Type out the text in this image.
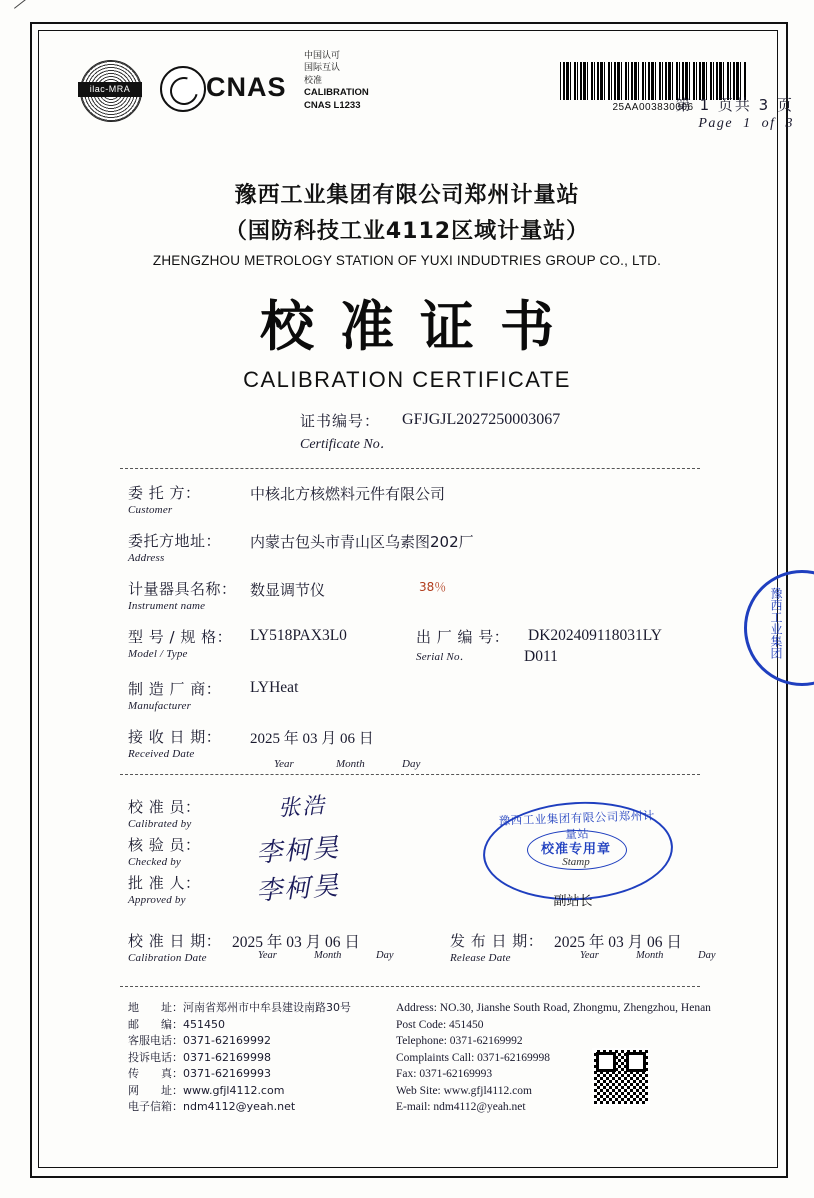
ilac-MRA	CNAS
中国认可
国际互认
校准
CALIBRATION
CNAS L1233	25AA003830006
第 1 页共 3 页
Page 1 of 3
豫西工业集团有限公司郑州计量站
（国防科技工业4112区域计量站）
ZHENGZHOU METROLOGY STATION OF YUXI INDUDTRIES GROUP CO., LTD.
校准证书
CALIBRATION CERTIFICATE
证书编号： GFJGJL2027250003067
Certificate No．
委 托 方：
Customer
中核北方核燃料元件有限公司
委托方地址：
Address
内蒙古包头市青山区乌素图202厂
计量器具名称：
Instrument name
数显调节仪	38％
型 号 / 规 格：
Model / Type
LY518PAX3L0	出 厂 编 号：
Serial No．
DK202409118031LY
D011
制 造 厂 商：
Manufacturer
LYHeat
接 收 日 期：
Received Date
2025 年 03 月 06 日
Year	Month	Day
校 准 员：
Calibrated by
张浩
核 验 员：
Checked by	李柯昊
批 准 人：
Approved by	李柯昊
豫西工业集团有限公司郑州计量站
校准专用章
Stamp
副站长
校 准 日 期：
Calibration Date
2025 年 03 月 06 日
Year	Month	Day
发 布 日 期：
Release Date
2025 年 03 月 06 日
Year	Month	Day
地　　址：河南省郑州市中牟县建设南路30号
邮　　编：451450
客服电话：0371-62169992
投诉电话：0371-62169998
传　　真：0371-62169993
网　　址：www.gfjl4112.com
电子信箱：ndm4112@yeah.net
Address: NO.30, Jianshe South Road, Zhongmu, Zhengzhou, Henan
Post Code: 451450
Telephone: 0371-62169992
Complaints Call: 0371-62169998
Fax: 0371-62169993
Web Site: www.gfjl4112.com
E-mail: ndm4112@yeah.net
豫西工业集团
